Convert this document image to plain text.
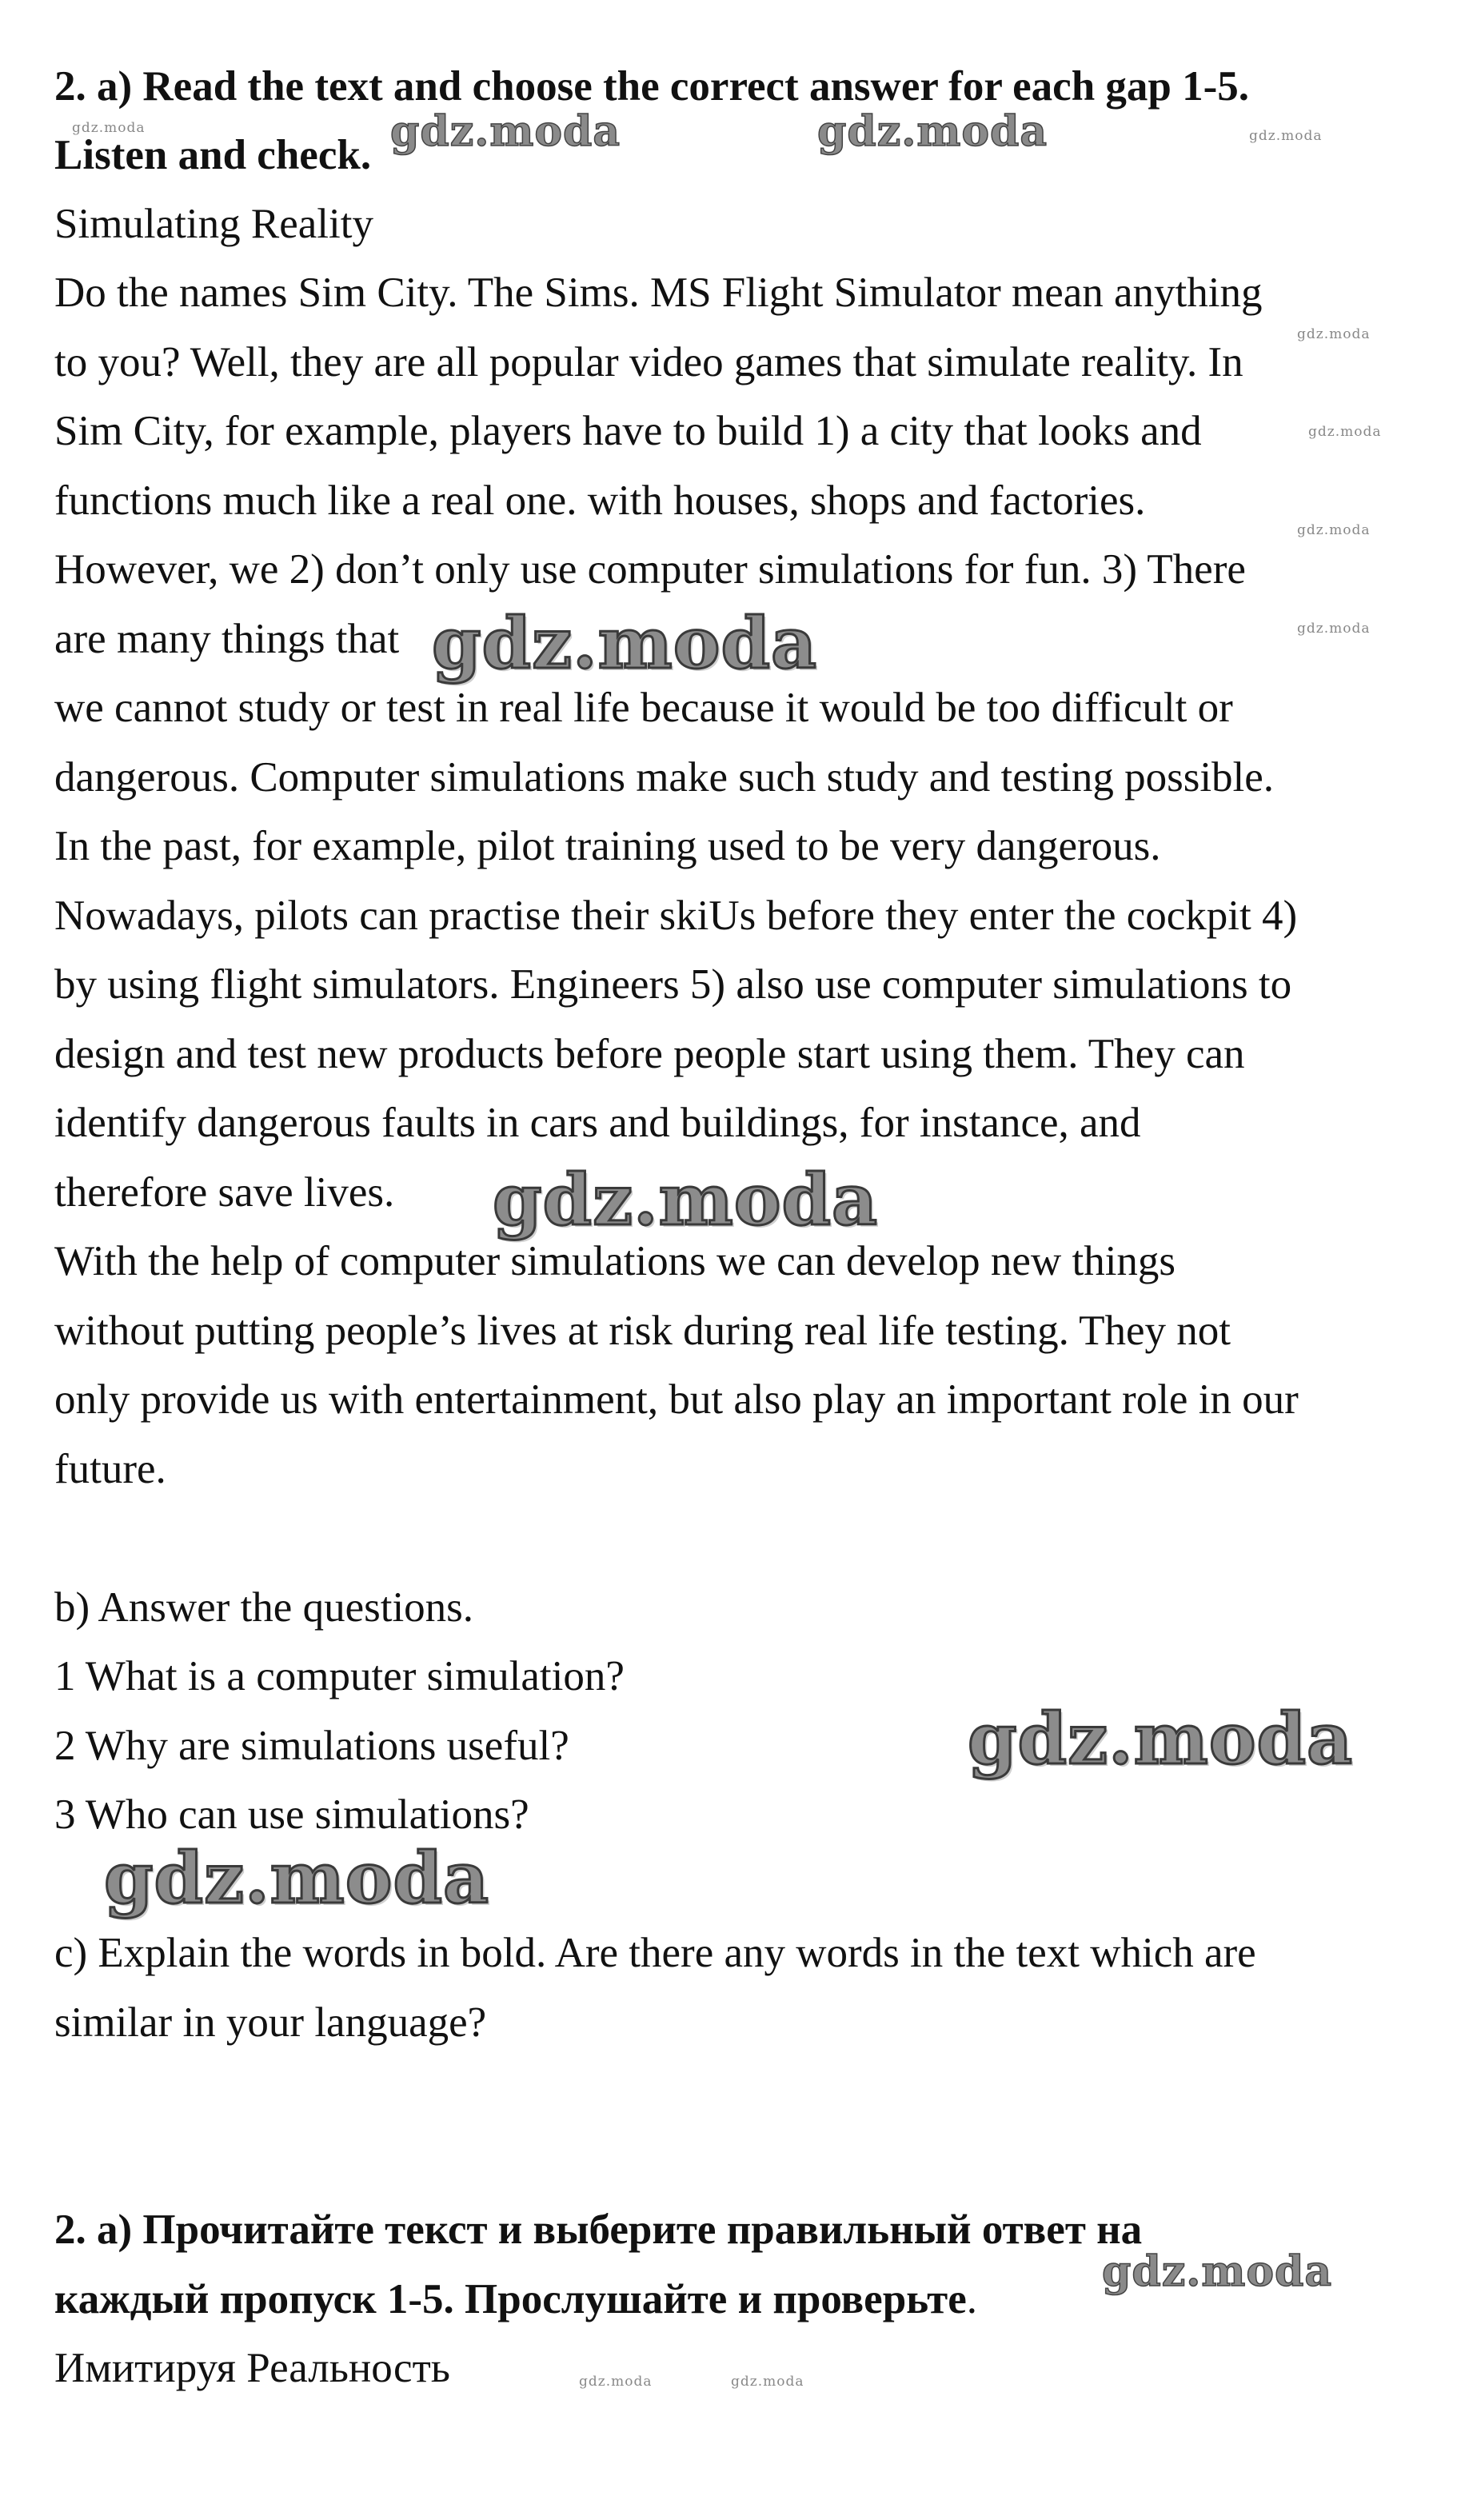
2. a) Read the text and choose the correct answer for each gap 1-5.
Listen and check.
Simulating Reality
Do the names Sim City. The Sims. MS Flight Simulator mean anything
to you? Well, they are all popular video games that simulate reality. In
Sim City, for example, players have to build 1) a city that looks and
functions much like a real one. with houses, shops and factories.
However, we 2) don’t only use computer simulations for fun. 3) There
are many things that
we cannot study or test in real life because it would be too difficult or
dangerous. Computer simulations make such study and testing possible.
In the past, for example, pilot training used to be very dangerous.
Nowadays, pilots can practise their skiUs before they enter the cockpit 4)
by using flight simulators. Engineers 5) also use computer simulations to
design and test new products before people start using them. They can
identify dangerous faults in cars and buildings, for instance, and
therefore save lives.
With the help of computer simulations we can develop new things
without putting people’s lives at risk during real life testing. They not
only provide us with entertainment, but also play an important role in our
future.
b) Answer the questions.
1 What is a computer simulation?
2 Why are simulations useful?
3 Who can use simulations?
c) Explain the words in bold. Are there any words in the text which are
similar in your language?
2. а) Прочитайте текст и выберите правильный ответ на
каждый пропуск 1-5. Прослушайте и проверьте.
Имитируя Реальность
gdz.moda	gdz.moda	gdz.moda	gdz.moda
gdz.moda
gdz.moda
gdz.moda
gdz.moda
gdz.moda
gdz.moda
gdz.moda
gdz.moda
gdz.moda
gdz.moda	gdz.moda
